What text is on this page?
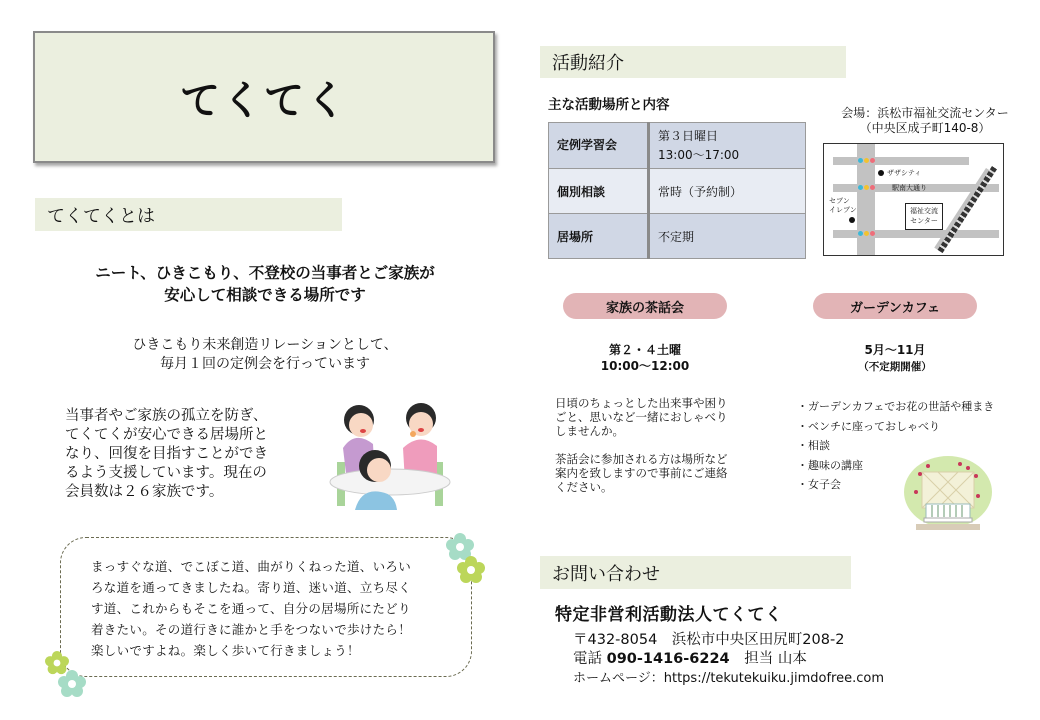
てくてく
てくてくとは
ニート、ひきこもり、不登校の当事者とご家族が
安心して相談できる場所です
ひきこもり未来創造リレーションとして、
毎月１回の定例会を行っています
当事者やご家族の孤立を防ぎ、
てくてくが安心できる居場所と
なり、回復を目指すことができ
るよう支援しています。現在の
会員数は２６家族です。
まっすぐな道、でこぼこ道、曲がりくねった道、いろい
ろな道を通ってきましたね。寄り道、迷い道、立ち尽く
す道、これからもそこを通って、自分の居場所にたどり
着きたい。その道行きに誰かと手をつないで歩けたら！
楽しいですよね。楽しく歩いて行きましょう！
活動紹介
主な活動場所と内容
定例学習会	第３日曜日
13:00～17:00

個別相談	常時（予約制）
居場所	不定期
会場：浜松市福祉交流センター
（中央区成子町140-8）
ザザシティ
駅南大通り
セブン
イレブン	福祉交流
センター
家族の茶話会
第２・４土曜
10:00～12:00
日頃のちょっとした出来事や困り
ごと、思いなど一緒におしゃべり
しませんか。
茶話会に参加される方は場所など
案内を致しますので事前にご連絡
ください。
ガーデンカフェ
5月～11月
（不定期開催）
・ガーデンカフェでお花の世話や種まき
・ベンチに座っておしゃべり
・相談
・趣味の講座
・女子会
お問い合わせ
特定非営利活動法人てくてく
〒432-8054　浜松市中央区田尻町208-2
電話 090-1416-6224 担当 山本
ホームページ：https://tekutekuiku.jimdofree.com
